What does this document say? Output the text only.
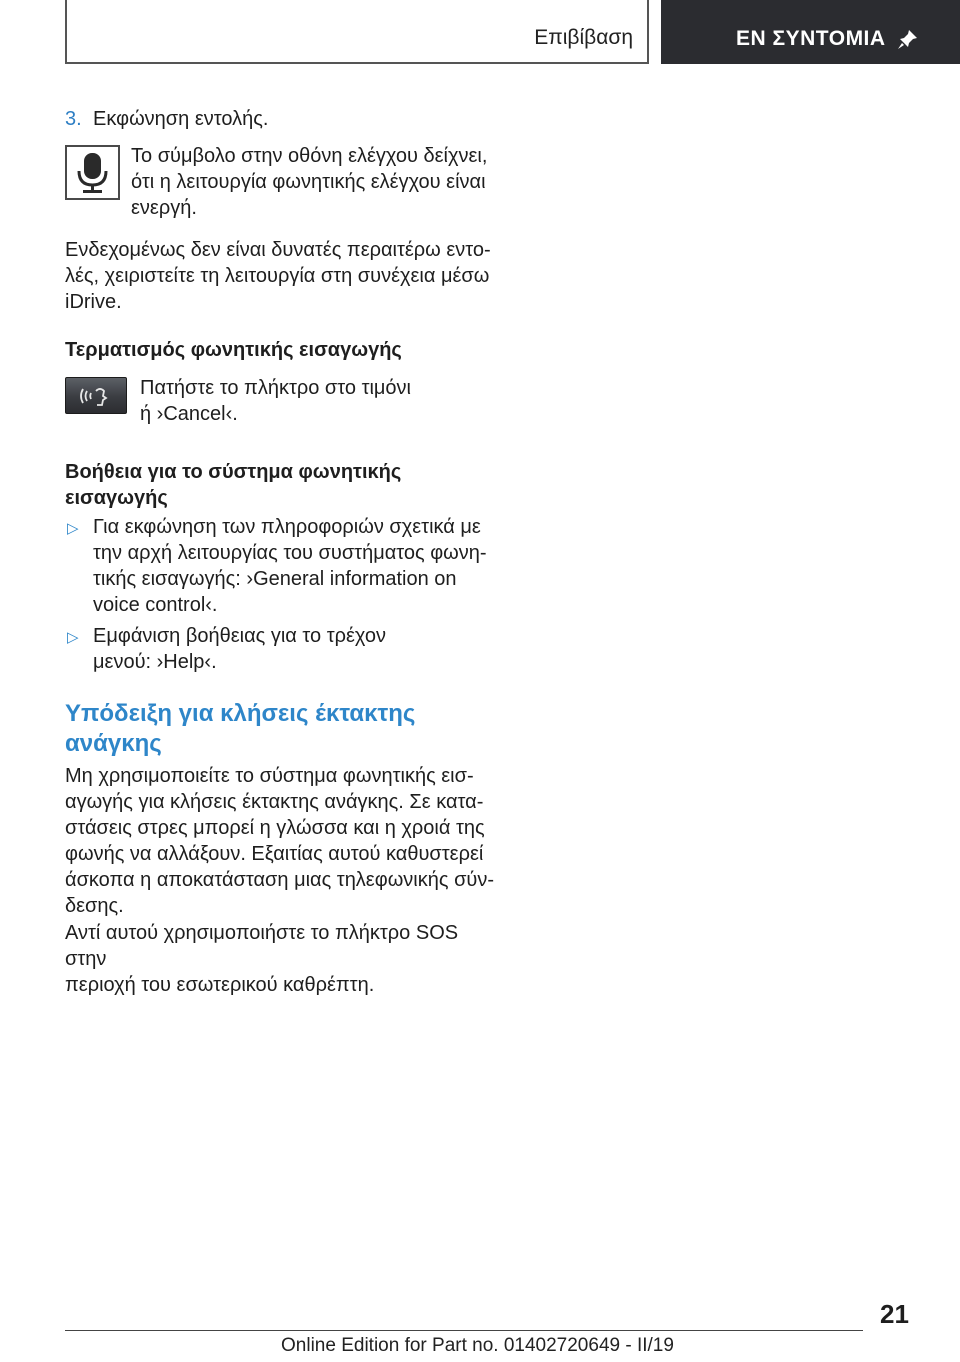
Επιβίβαση	ΕΝ ΣΥΝΤΟΜΙΑ
3. Εκφώνηση εντολής.
Το σύμβολο στην οθόνη ελέγχου δείχνει,
ότι η λειτουργία φωνητικής ελέγχου είναι
ενεργή.
Ενδεχομένως δεν είναι δυνατές περαιτέρω εντο‐
λές, χειριστείτε τη λειτουργία στη συνέχεια μέσω
iDrive.
Τερματισμός φωνητικής εισαγωγής
Πατήστε το πλήκτρο στο τιμόνι
ή ›Cancel‹.
Βοήθεια για το σύστημα φωνητικής
εισαγωγής
▷ Για εκφώνηση των πληροφοριών σχετικά με
την αρχή λειτουργίας του συστήματος φωνη‐
τικής εισαγωγής: ›General information on
voice control‹.
▷ Εμφάνιση βοήθειας για το τρέχον
μενού: ›Help‹.
Υπόδειξη για κλήσεις έκτακτης
ανάγκης
Μη χρησιμοποιείτε το σύστημα φωνητικής εισ‐
αγωγής για κλήσεις έκτακτης ανάγκης. Σε κατα‐
στάσεις στρες μπορεί η γλώσσα και η χροιά της
φωνής να αλλάξουν. Εξαιτίας αυτού καθυστερεί
άσκοπα η αποκατάσταση μιας τηλεφωνικής σύν‐
δεσης.
Αντί αυτού χρησιμοποιήστε το πλήκτρο SOS στην
περιοχή του εσωτερικού καθρέπτη.
21
Online Edition for Part no. 01402720649 - II/19
